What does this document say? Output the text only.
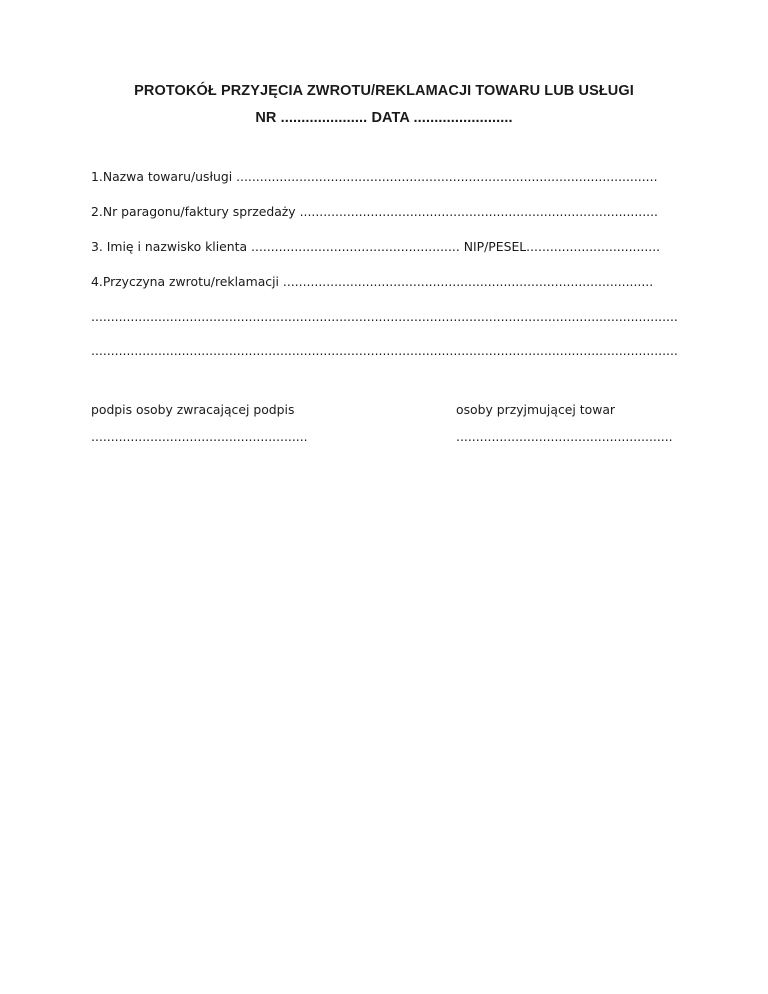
PROTOKÓŁ PRZYJĘCIA ZWROTU/REKLAMACJI TOWARU LUB USŁUGI
NR ..................... DATA ........................
1.Nazwa towaru/usługi ...........................................................................................................
2.Nr paragonu/faktury sprzedaży ...........................................................................................
3. Imię i nazwisko klienta ..................................................... NIP/PESEL..................................
4.Przyczyna zwrotu/reklamacji ..............................................................................................
.....................................................................................................................................................
.....................................................................................................................................................
podpis osoby zwracającej podpis
.......................................................
osoby przyjmującej towar
.......................................................
